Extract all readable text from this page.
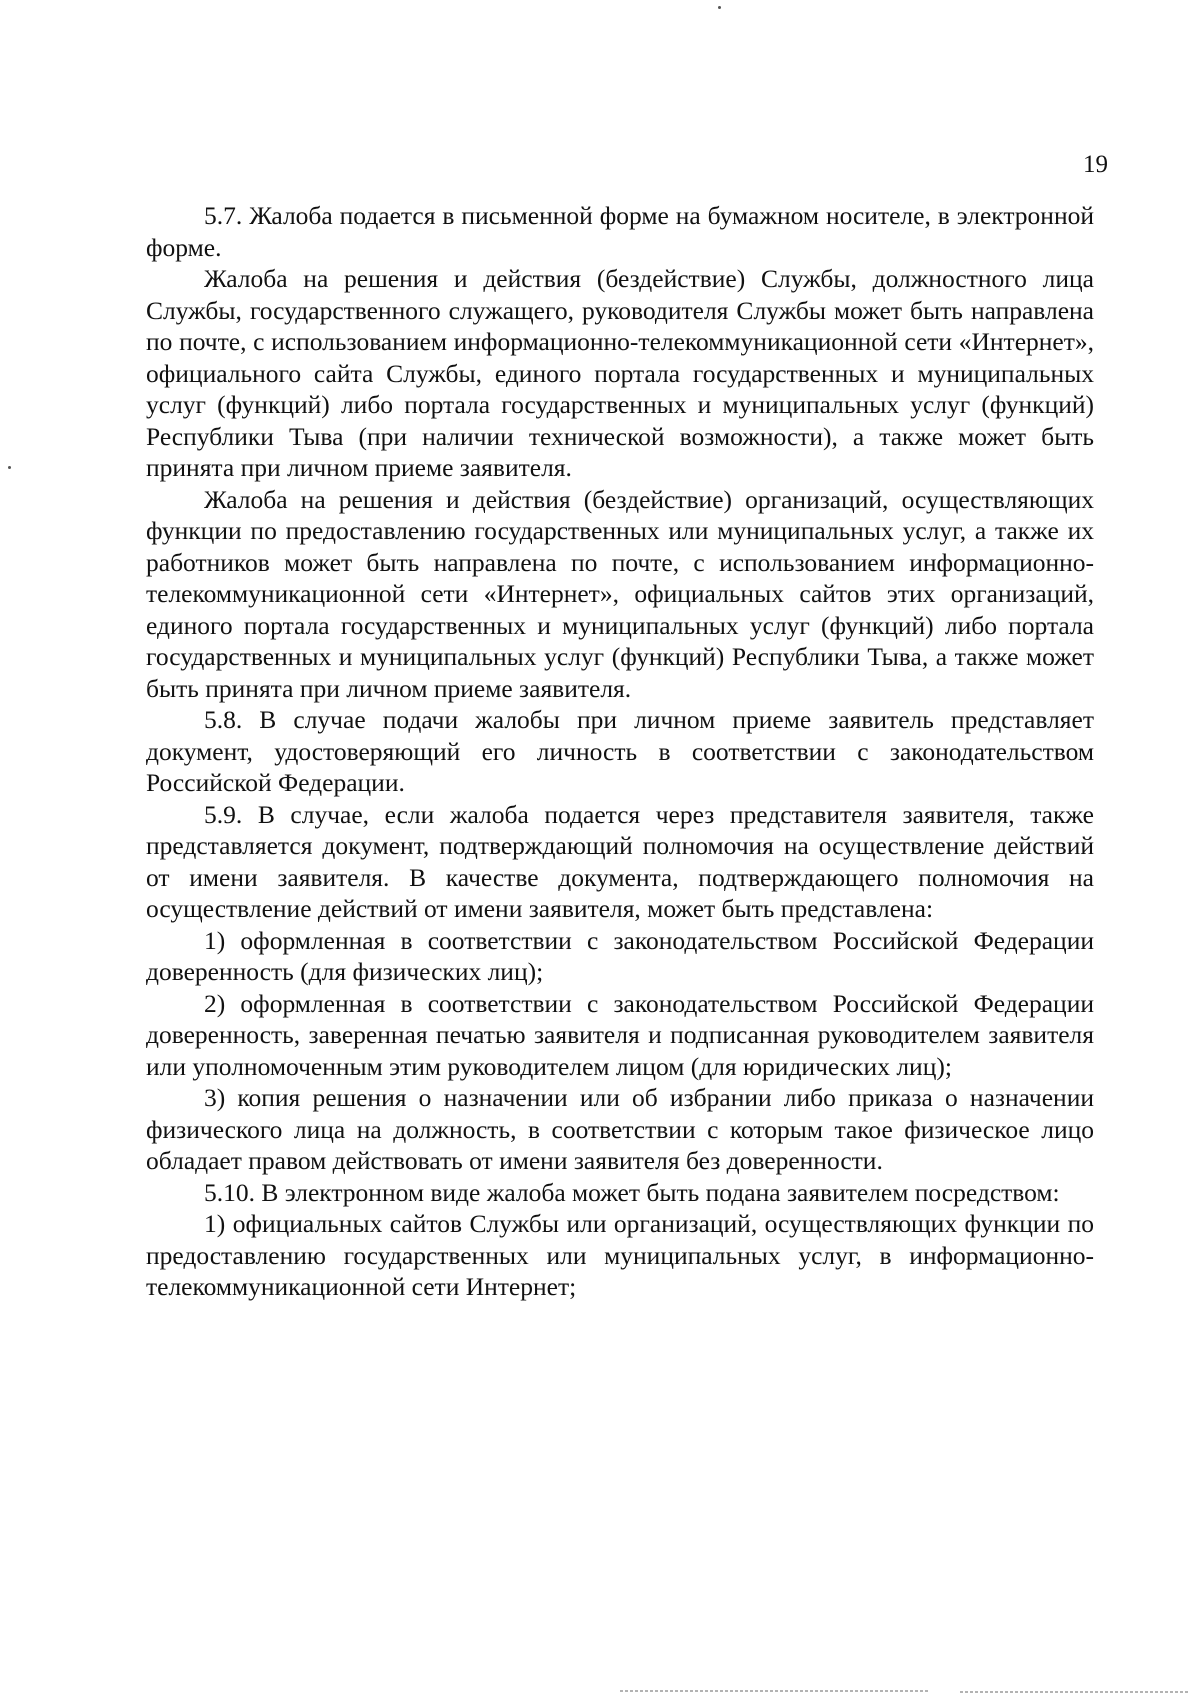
19

5.7. Жалоба подается в письменной форме на бумажном носителе, в электронной форме.

Жалоба на решения и действия (бездействие) Службы, должностного лица Службы, государственного служащего, руководителя Службы может быть направлена по почте, с использованием информационно-телекоммуникационной сети «Интернет», официального сайта Службы, единого портала государственных и муниципальных услуг (функций) либо портала государственных и муниципальных услуг (функций) Республики Тыва (при наличии технической возможности), а также может быть принята при личном приеме заявителя.

Жалоба на решения и действия (бездействие) организаций, осуществляющих функции по предоставлению государственных или муниципальных услуг, а также их работников может быть направлена по почте, с использованием информационно-телекоммуникационной сети «Интернет», официальных сайтов этих организаций, единого портала государственных и муниципальных услуг (функций) либо портала государственных и муниципальных услуг (функций) Республики Тыва, а также может быть принята при личном приеме заявителя.

5.8. В случае подачи жалобы при личном приеме заявитель представляет документ, удостоверяющий его личность в соответствии с законодательством Российской Федерации.

5.9. В случае, если жалоба подается через представителя заявителя, также представляется документ, подтверждающий полномочия на осуществление действий от имени заявителя. В качестве документа, подтверждающего полномочия на осуществление действий от имени заявителя, может быть представлена:

1) оформленная в соответствии с законодательством Российской Федерации доверенность (для физических лиц);

2) оформленная в соответствии с законодательством Российской Федерации доверенность, заверенная печатью заявителя и подписанная руководителем заявителя или уполномоченным этим руководителем лицом (для юридических лиц);

3) копия решения о назначении или об избрании либо приказа о назначении физического лица на должность, в соответствии с которым такое физическое лицо обладает правом действовать от имени заявителя без доверенности.

5.10. В электронном виде жалоба может быть подана заявителем посредством:

1) официальных сайтов Службы или организаций, осуществляющих функции по предоставлению государственных или муниципальных услуг, в информационно-телекоммуникационной сети Интернет;
